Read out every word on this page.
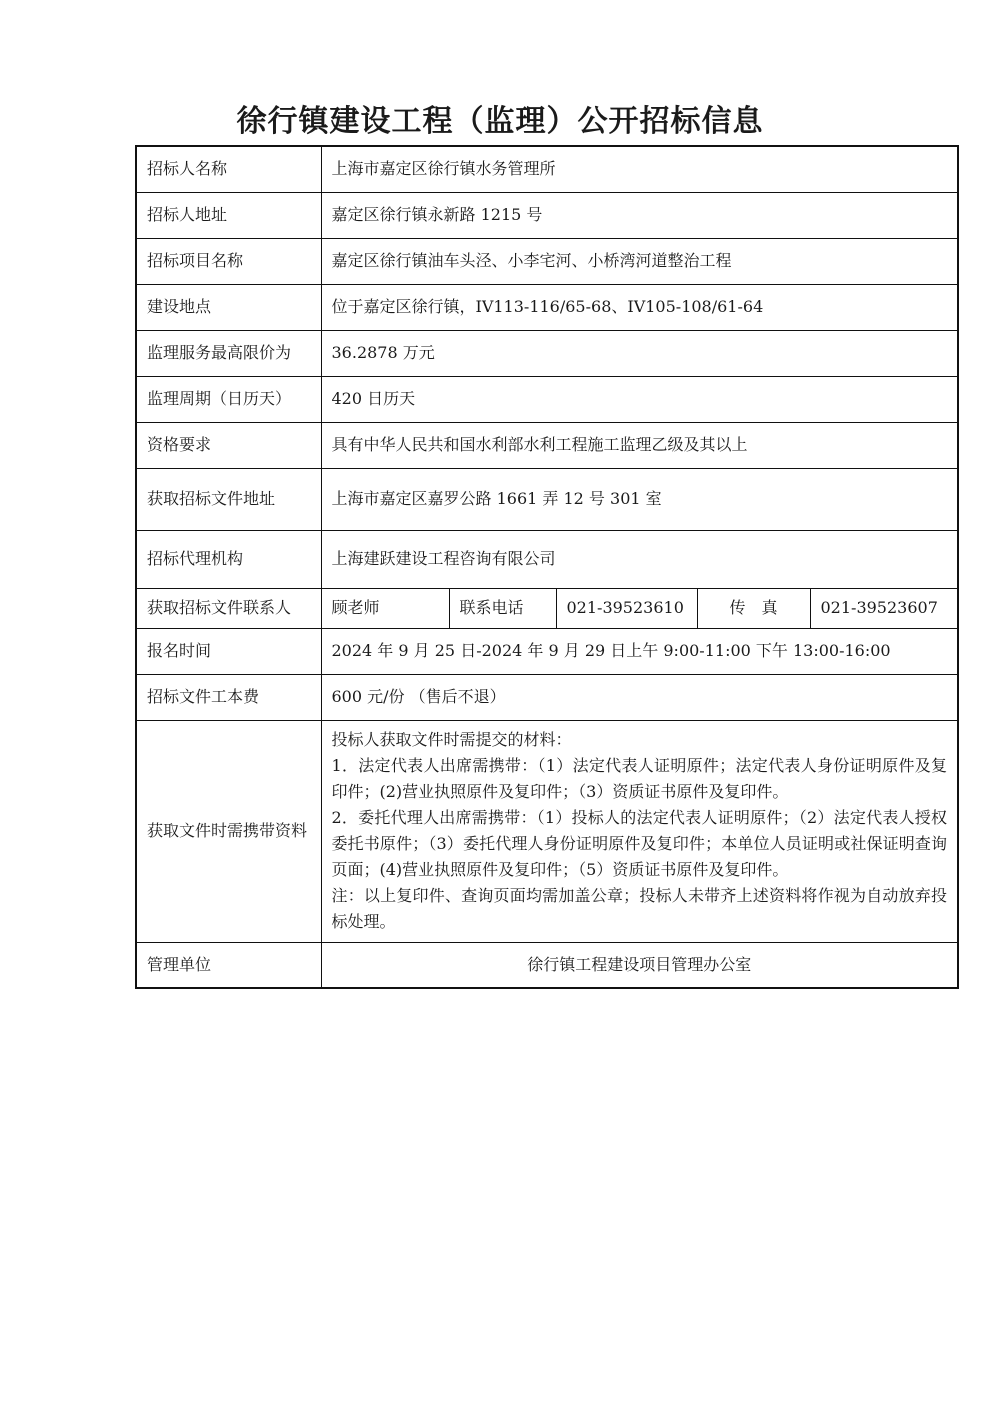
徐行镇建设工程（监理）公开招标信息
招标人名称	上海市嘉定区徐行镇水务管理所				
招标人地址	嘉定区徐行镇永新路 1215 号				
招标项目名称	嘉定区徐行镇油车头泾、小李宅河、小桥湾河道整治工程				
建设地点	位于嘉定区徐行镇，IV113-116/65-68、IV105-108/61-64				
监理服务最高限价为	36.2878 万元				
监理周期（日历天）	420 日历天				
资格要求	具有中华人民共和国水利部水利工程施工监理乙级及其以上				
获取招标文件地址	上海市嘉定区嘉罗公路 1661 弄 12 号 301 室				
招标代理机构	上海建跃建设工程咨询有限公司				
获取招标文件联系人	顾老师	联系电话	021-39523610	传　真	021-39523607
报名时间	2024 年 9 月 25 日-2024 年 9 月 29 日上午 9:00-11:00 下午 13:00-16:00				
招标文件工本费	600 元/份 （售后不退）				
获取文件时需携带资料	投标人获取文件时需提交的材料：
1．法定代表人出席需携带：（1）法定代表人证明原件；法定代表人身份证明原件及复印件；(2)营业执照原件及复印件；（3）资质证书原件及复印件。
2．委托代理人出席需携带：（1）投标人的法定代表人证明原件；（2）法定代表人授权委托书原件；（3）委托代理人身份证明原件及复印件；本单位人员证明或社保证明查询页面；(4)营业执照原件及复印件；（5）资质证书原件及复印件。
注：以上复印件、查询页面均需加盖公章；投标人未带齐上述资料将作视为自动放弃投标处理。				

管理单位	徐行镇工程建设项目管理办公室				
